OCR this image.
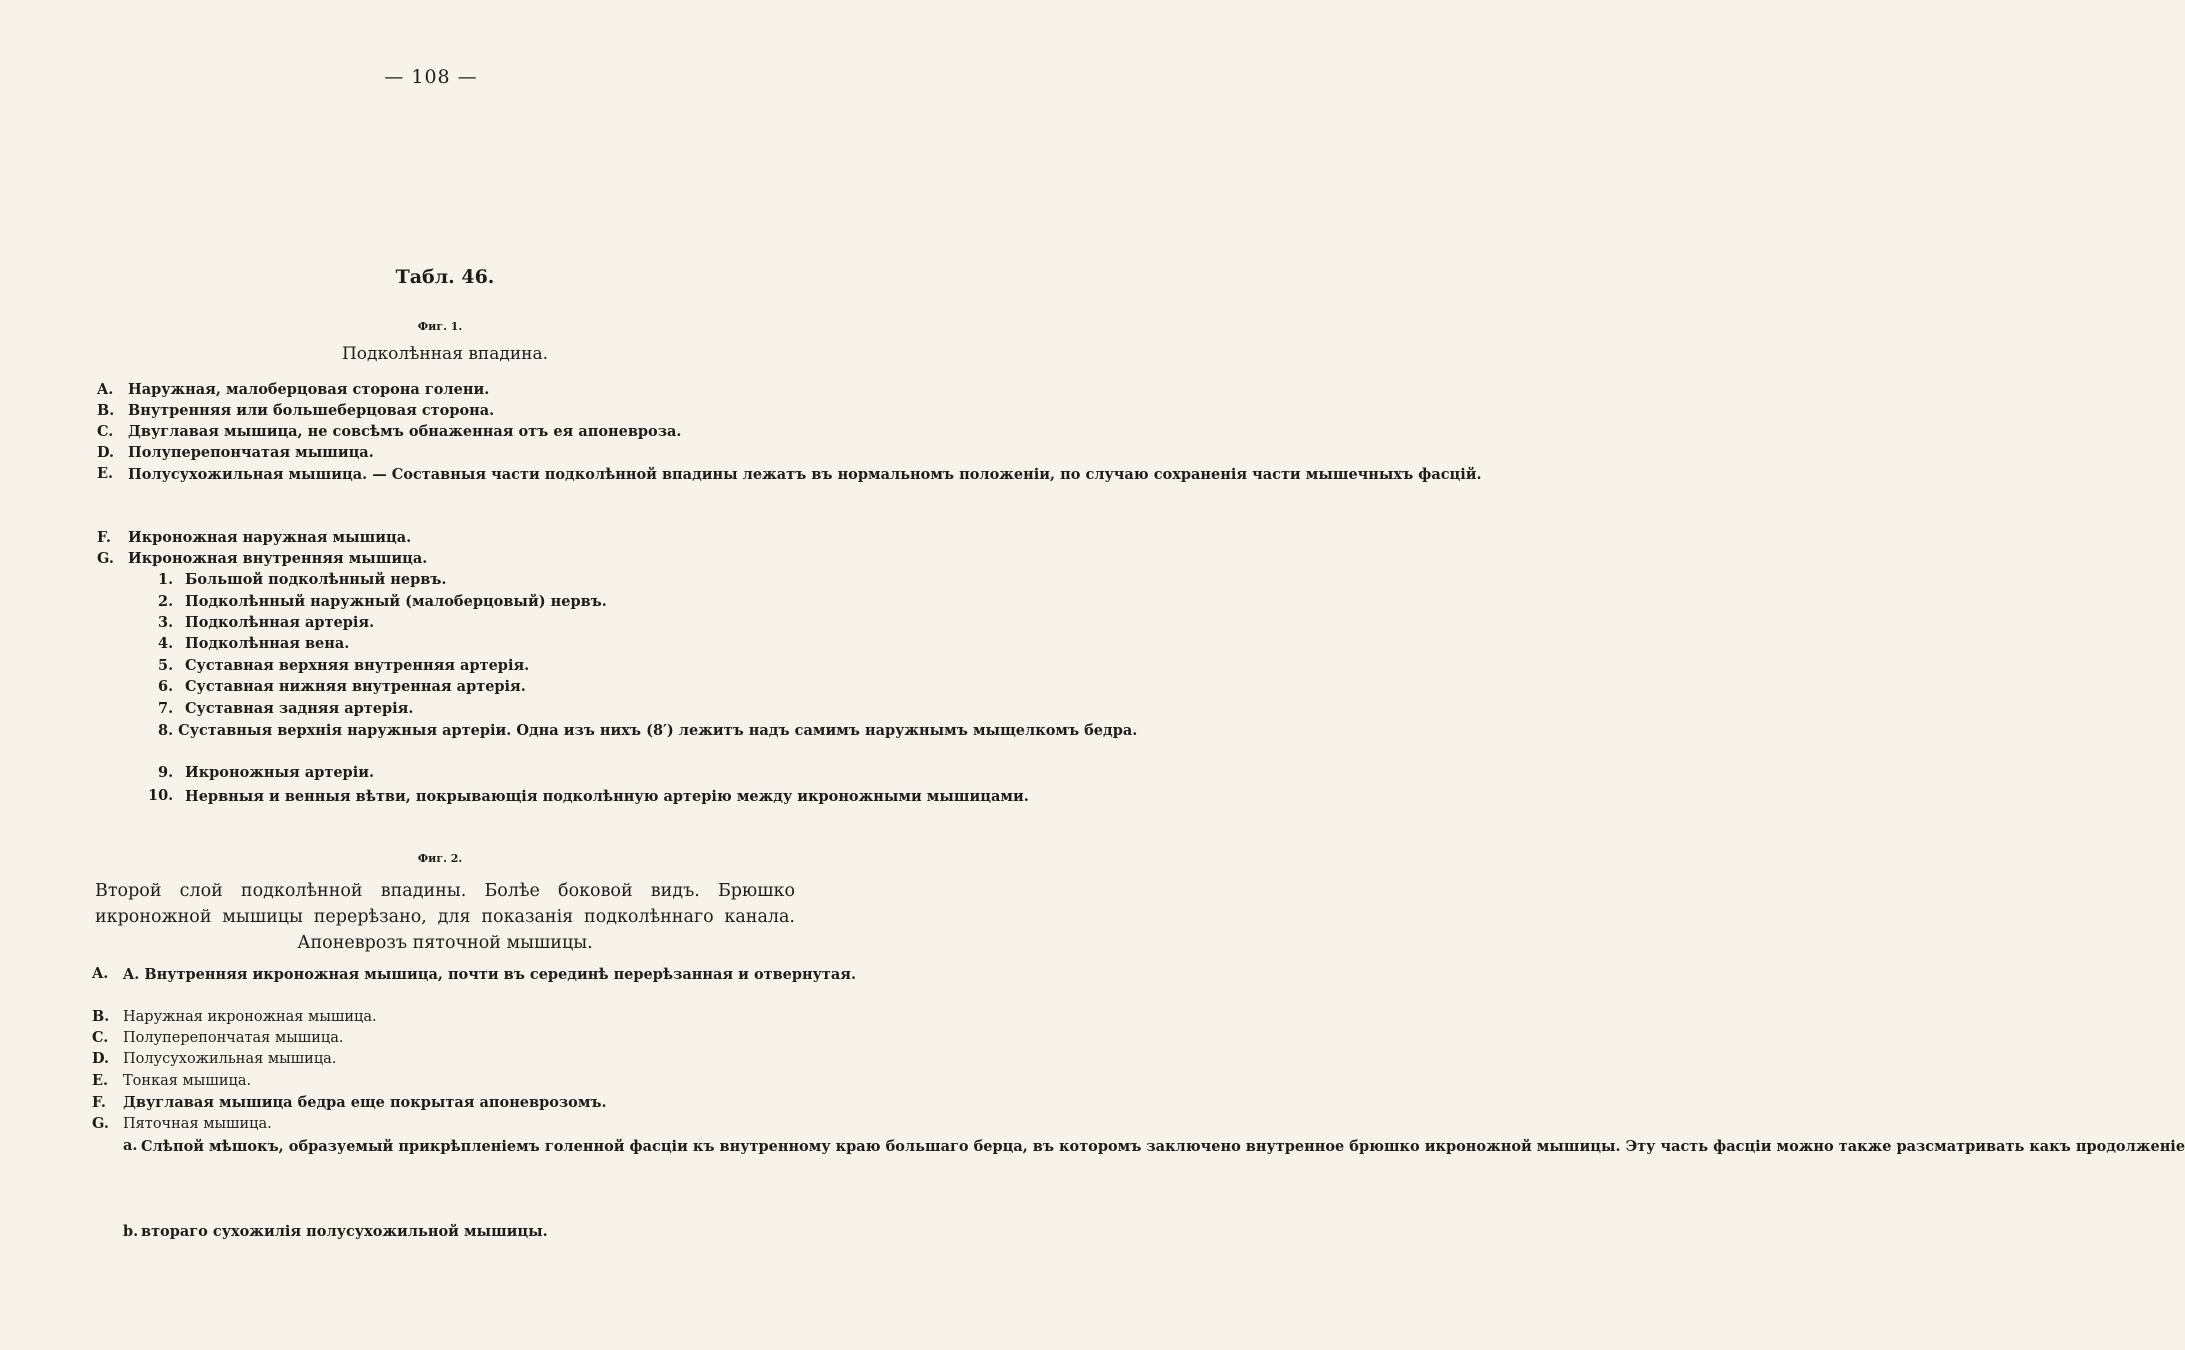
— 108 —
Табл. 46.
Фиг. 1.
Подколѣнная впадина.
A. Наружная, малоберцовая сторона голени.
B. Внутренняя или большеберцовая сторона.
C. Двуглавая мышица, не совсѣмъ обнаженная отъ ея апоневроза.
D. Полуперепончатая мышица.
E. Полусухожильная мышица. — Составныя части подколѣнной впадины лежатъ въ нормальномъ положеніи, по случаю сохраненія части мышечныхъ фасцій.
F. Икроножная наружная мышица.
G. Икроножная внутренняя мышица.
1. Большой подколѣнный нервъ.
2. Подколѣнный наружный (малоберцовый) нервъ.
3. Подколѣнная артерія.
4. Подколѣнная вена.
5. Суставная верхняя внутренняя артерія.
6. Суставная нижняя внутренная артерія.
7. Суставная задняя артерія.
8. Суставныя верхнія наружныя артеріи. Одна изъ нихъ (8′) лежитъ надъ самимъ наружнымъ мыщелкомъ бедра.
9. Икроножныя артеріи.
10. Нервныя и венныя вѣтви, покрывающія подколѣнную артерію между икроножными мышицами.
Фиг. 2.
Второй слой подколѣнной впадины. Болѣе боковой видъ. Брюшко икроножной мышицы перерѣзано, для показанія подколѣннаго канала. Апоневрозъ пяточной мышицы.
A. A. Внутренняя икроножная мышица, почти въ серединѣ перерѣзанная и отвернутая.
B. Наружная икроножная мышица.
C. Полуперепончатая мышица.
D. Полусухожильная мышица.
E. Тонкая мышица.
F. Двуглавая мышица бедра еще покрытая апоневрозомъ.
G. Пяточная мышица.
a. Слѣпой мѣшокъ, образуемый прикрѣпленіемъ голенной фасціи къ внутренному краю большаго берца, въ которомъ заключено внутренное брюшко икроножной мышицы. Эту часть фасціи можно также разсматривать какъ продолженіе
b. втораго сухожилія полусухожильной мышицы.
